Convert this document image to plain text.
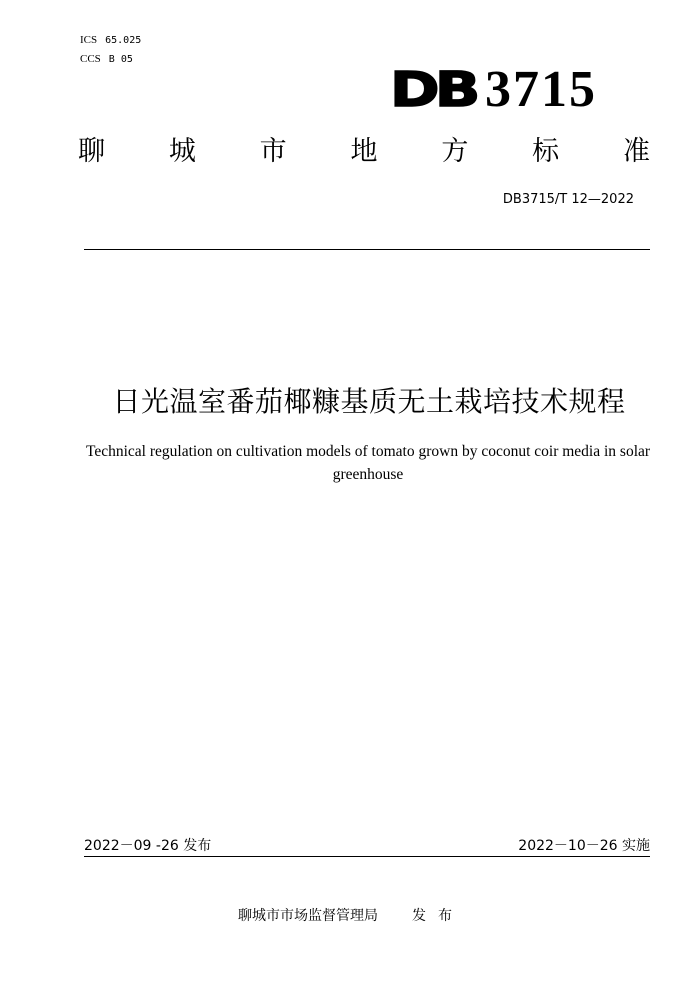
ICS 65.025
CCS B 05
DB 3715
聊 城 市 地 方 标 准
DB3715/T 12—2022
日光温室番茄椰糠基质无土栽培技术规程
Technical regulation on cultivation models of tomato grown by coconut coir media in solar greenhouse
2022－09 -26 发布	2022－10－26 实施
聊城市市场监督管理局 发布
